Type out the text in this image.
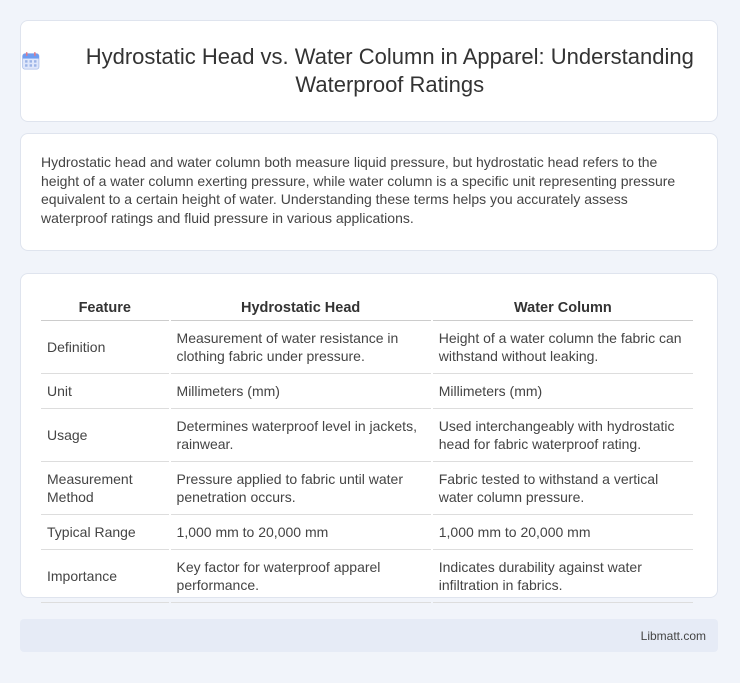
Hydrostatic Head vs. Water Column in Apparel: Understanding Waterproof Ratings

Hydrostatic head and water column both measure liquid pressure, but hydrostatic head refers to the height of a water column exerting pressure, while water column is a specific unit representing pressure equivalent to a certain height of water. Understanding these terms helps you accurately assess waterproof ratings and fluid pressure in various applications.

Feature	Hydrostatic Head	Water Column
Definition	Measurement of water resistance in clothing fabric under pressure.	Height of a water column the fabric can withstand without leaking.
Unit	Millimeters (mm)	Millimeters (mm)
Usage	Determines waterproof level in jackets, rainwear.	Used interchangeably with hydrostatic head for fabric waterproof rating.
Measurement Method	Pressure applied to fabric until water penetration occurs.	Fabric tested to withstand a vertical water column pressure.
Typical Range	1,000 mm to 20,000 mm	1,000 mm to 20,000 mm
Importance	Key factor for waterproof apparel performance.	Indicates durability against water infiltration in fabrics.
Libmatt.com
